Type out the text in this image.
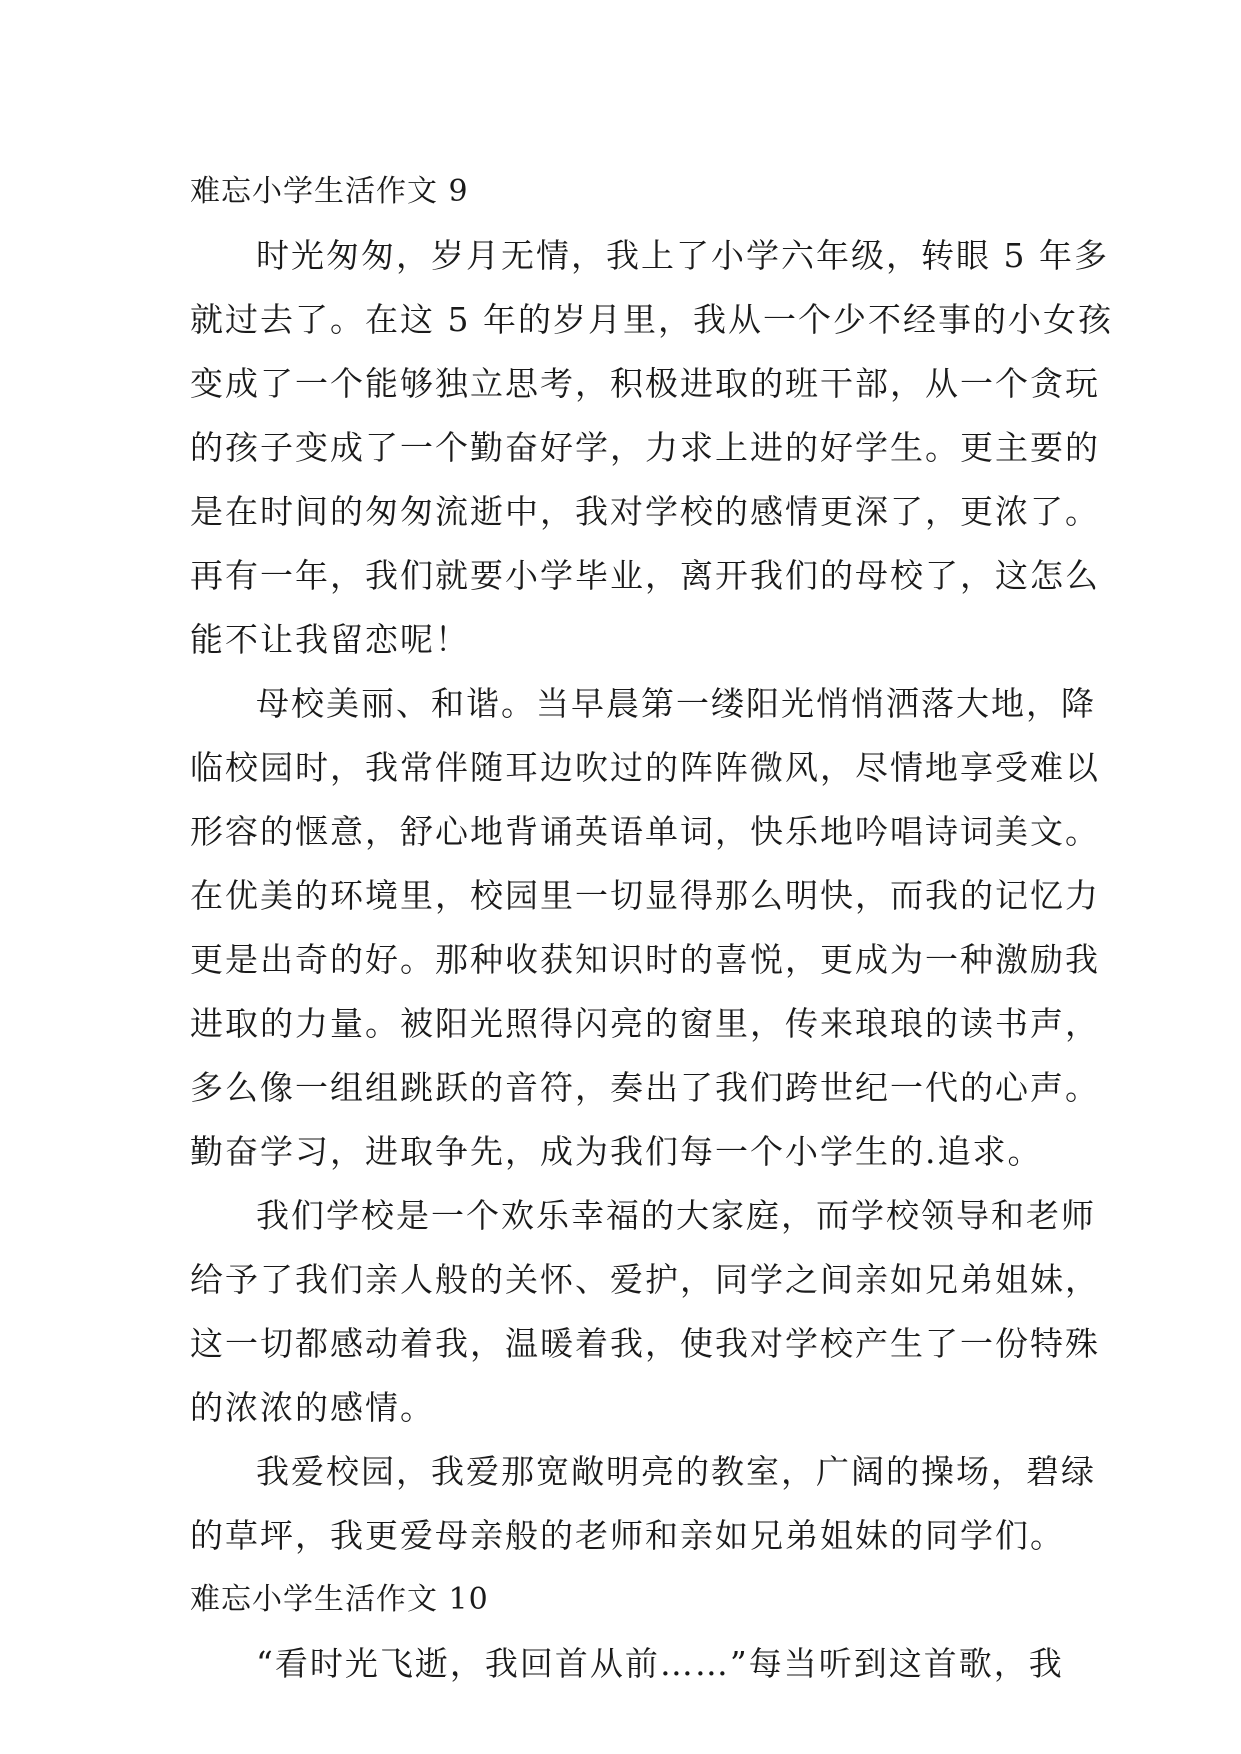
难忘小学生活作文 9
时光匆匆，岁月无情，我上了小学六年级，转眼 5 年多
就过去了。在这 5 年的岁月里，我从一个少不经事的小女孩
变成了一个能够独立思考，积极进取的班干部，从一个贪玩
的孩子变成了一个勤奋好学，力求上进的好学生。更主要的
是在时间的匆匆流逝中，我对学校的感情更深了，更浓了。
再有一年，我们就要小学毕业，离开我们的母校了，这怎么
能不让我留恋呢！
母校美丽、和谐。当早晨第一缕阳光悄悄洒落大地，降
临校园时，我常伴随耳边吹过的阵阵微风，尽情地享受难以
形容的惬意，舒心地背诵英语单词，快乐地吟唱诗词美文。
在优美的环境里，校园里一切显得那么明快，而我的记忆力
更是出奇的好。那种收获知识时的喜悦，更成为一种激励我
进取的力量。被阳光照得闪亮的窗里，传来琅琅的读书声，
多么像一组组跳跃的音符，奏出了我们跨世纪一代的心声。
勤奋学习，进取争先，成为我们每一个小学生的.追求。
我们学校是一个欢乐幸福的大家庭，而学校领导和老师
给予了我们亲人般的关怀、爱护，同学之间亲如兄弟姐妹，
这一切都感动着我，温暖着我，使我对学校产生了一份特殊
的浓浓的感情。
我爱校园，我爱那宽敞明亮的教室，广阔的操场，碧绿
的草坪，我更爱母亲般的老师和亲如兄弟姐妹的同学们。
难忘小学生活作文 10
“看时光飞逝，我回首从前……”每当听到这首歌，我
